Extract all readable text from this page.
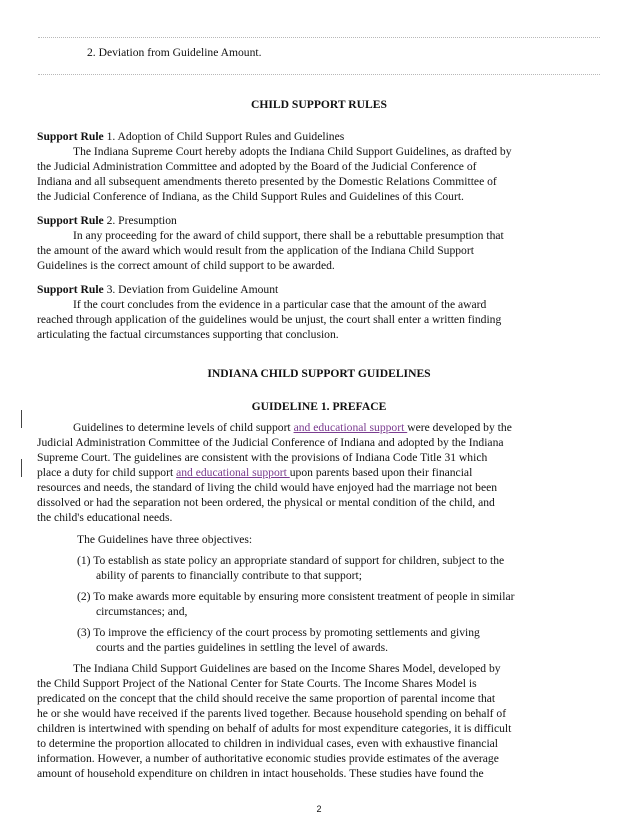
2. Deviation from Guideline Amount.
CHILD SUPPORT RULES
Support Rule 1. Adoption of Child Support Rules and Guidelines
The Indiana Supreme Court hereby adopts the Indiana Child Support Guidelines, as drafted by
the Judicial Administration Committee and adopted by the Board of the Judicial Conference of
Indiana and all subsequent amendments thereto presented by the Domestic Relations Committee of
the Judicial Conference of Indiana, as the Child Support Rules and Guidelines of this Court.
Support Rule 2. Presumption
In any proceeding for the award of child support, there shall be a rebuttable presumption that
the amount of the award which would result from the application of the Indiana Child Support
Guidelines is the correct amount of child support to be awarded.
Support Rule 3. Deviation from Guideline Amount
If the court concludes from the evidence in a particular case that the amount of the award
reached through application of the guidelines would be unjust, the court shall enter a written finding
articulating the factual circumstances supporting that conclusion.
INDIANA CHILD SUPPORT GUIDELINES
GUIDELINE 1. PREFACE
Guidelines to determine levels of child support and educational support were developed by the
Judicial Administration Committee of the Judicial Conference of Indiana and adopted by the Indiana
Supreme Court. The guidelines are consistent with the provisions of Indiana Code Title 31 which
place a duty for child support and educational support upon parents based upon their financial
resources and needs, the standard of living the child would have enjoyed had the marriage not been
dissolved or had the separation not been ordered, the physical or mental condition of the child, and
the child's educational needs.
The Guidelines have three objectives:
(1) To establish as state policy an appropriate standard of support for children, subject to the
ability of parents to financially contribute to that support;
(2) To make awards more equitable by ensuring more consistent treatment of people in similar
circumstances; and,
(3) To improve the efficiency of the court process by promoting settlements and giving
courts and the parties guidelines in settling the level of awards.
The Indiana Child Support Guidelines are based on the Income Shares Model, developed by
the Child Support Project of the National Center for State Courts. The Income Shares Model is
predicated on the concept that the child should receive the same proportion of parental income that
he or she would have received if the parents lived together. Because household spending on behalf of
children is intertwined with spending on behalf of adults for most expenditure categories, it is difficult
to determine the proportion allocated to children in individual cases, even with exhaustive financial
information. However, a number of authoritative economic studies provide estimates of the average
amount of household expenditure on children in intact households. These studies have found the
2
